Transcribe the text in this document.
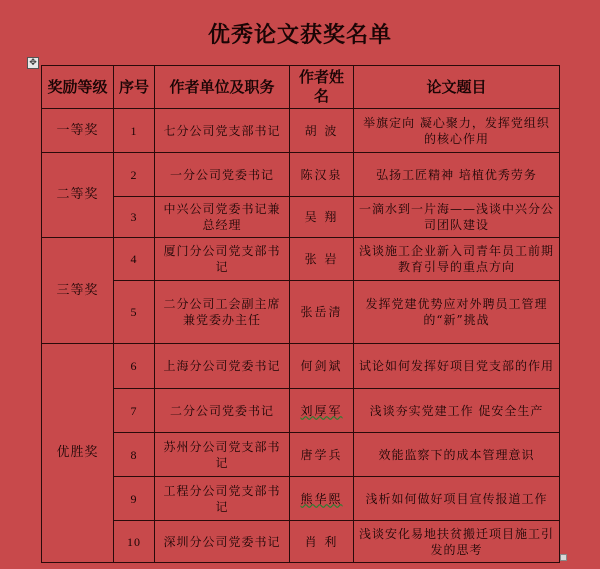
优秀论文获奖名单
✥
奖励等级	序号	作者单位及职务	作者姓名	论文题目
一等奖	1	七分公司党支部书记	胡 波	举旗定向 凝心聚力，发挥党组织的核心作用
二等奖	2	一分公司党委书记	陈汉泉	弘扬工匠精神 培植优秀劳务
	3	中兴公司党委书记兼总经理	吴 翔	一滴水到一片海——浅谈中兴分公司团队建设
三等奖	4	厦门分公司党支部书记	张 岩	浅谈施工企业新入司青年员工前期教育引导的重点方向
	5	二分公司工会副主席兼党委办主任	张岳清	发挥党建优势应对外聘员工管理的“新”挑战
优胜奖	6	上海分公司党委书记	何剑斌	试论如何发挥好项目党支部的作用
	7	二分公司党委书记	刘厚军	浅谈夯实党建工作 促安全生产
	8	苏州分公司党支部书记	唐学兵	效能监察下的成本管理意识
	9	工程分公司党支部书记	熊华熙	浅析如何做好项目宣传报道工作
	10	深圳分公司党委书记	肖 利	浅谈安化易地扶贫搬迁项目施工引发的思考
